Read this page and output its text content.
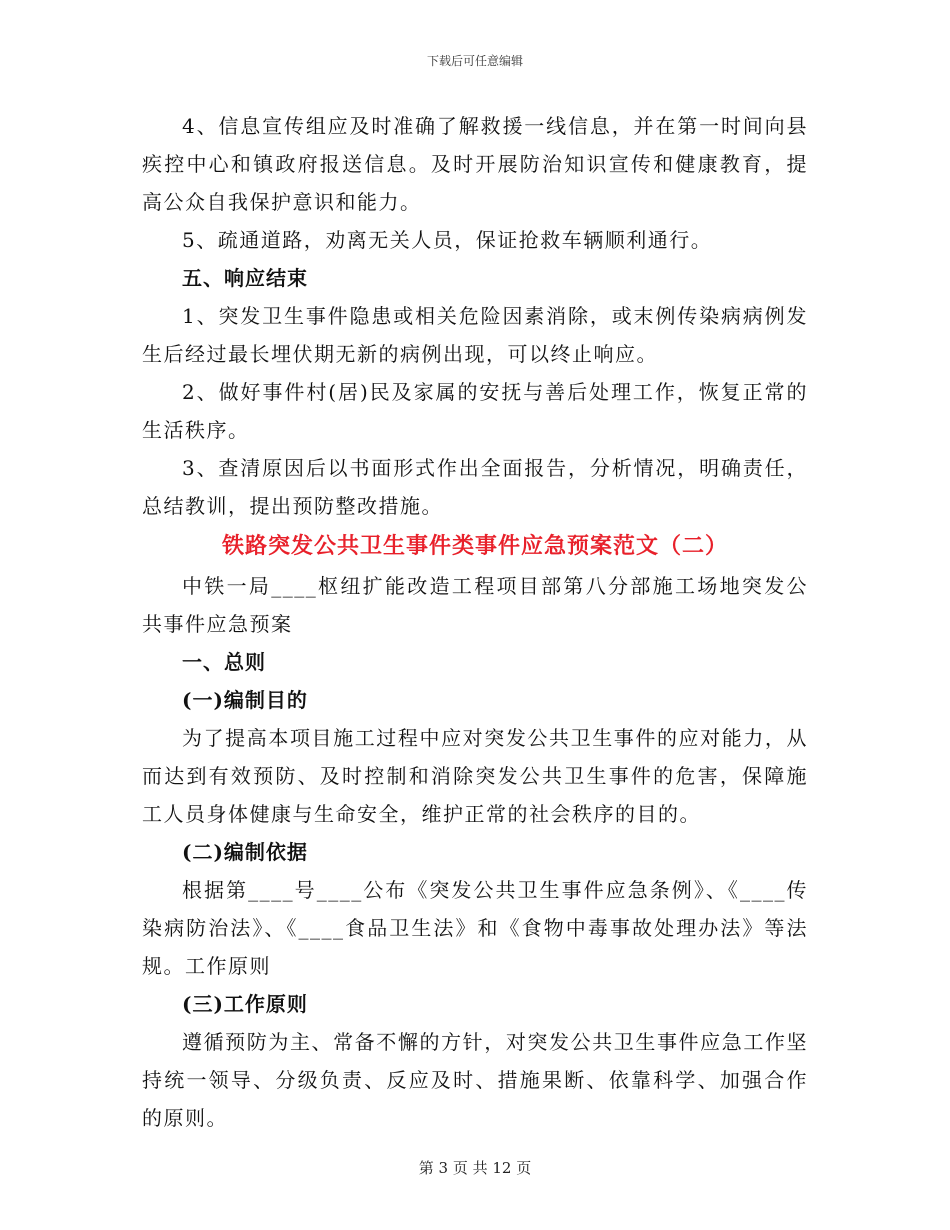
下载后可任意编辑

4、信息宣传组应及时准确了解救援一线信息，并在第一时间向县疾控中心和镇政府报送信息。及时开展防治知识宣传和健康教育，提高公众自我保护意识和能力。

5、疏通道路，劝离无关人员，保证抢救车辆顺利通行。

五、响应结束

1、突发卫生事件隐患或相关危险因素消除，或末例传染病病例发生后经过最长埋伏期无新的病例出现，可以终止响应。

2、做好事件村(居)民及家属的安抚与善后处理工作，恢复正常的生活秩序。

3、查清原因后以书面形式作出全面报告，分析情况，明确责任，总结教训，提出预防整改措施。

铁路突发公共卫生事件类事件应急预案范文（二）

中铁一局____枢纽扩能改造工程项目部第八分部施工场地突发公共事件应急预案

一、总则

(一)编制目的

为了提高本项目施工过程中应对突发公共卫生事件的应对能力，从而达到有效预防、及时控制和消除突发公共卫生事件的危害，保障施工人员身体健康与生命安全，维护正常的社会秩序的目的。

(二)编制依据

根据第____号____公布《突发公共卫生事件应急条例》、《____传染病防治法》、《____食品卫生法》和《食物中毒事故处理办法》等法规。工作原则

(三)工作原则

遵循预防为主、常备不懈的方针，对突发公共卫生事件应急工作坚持统一领导、分级负责、反应及时、措施果断、依靠科学、加强合作的原则。

第 3 页 共 12 页
